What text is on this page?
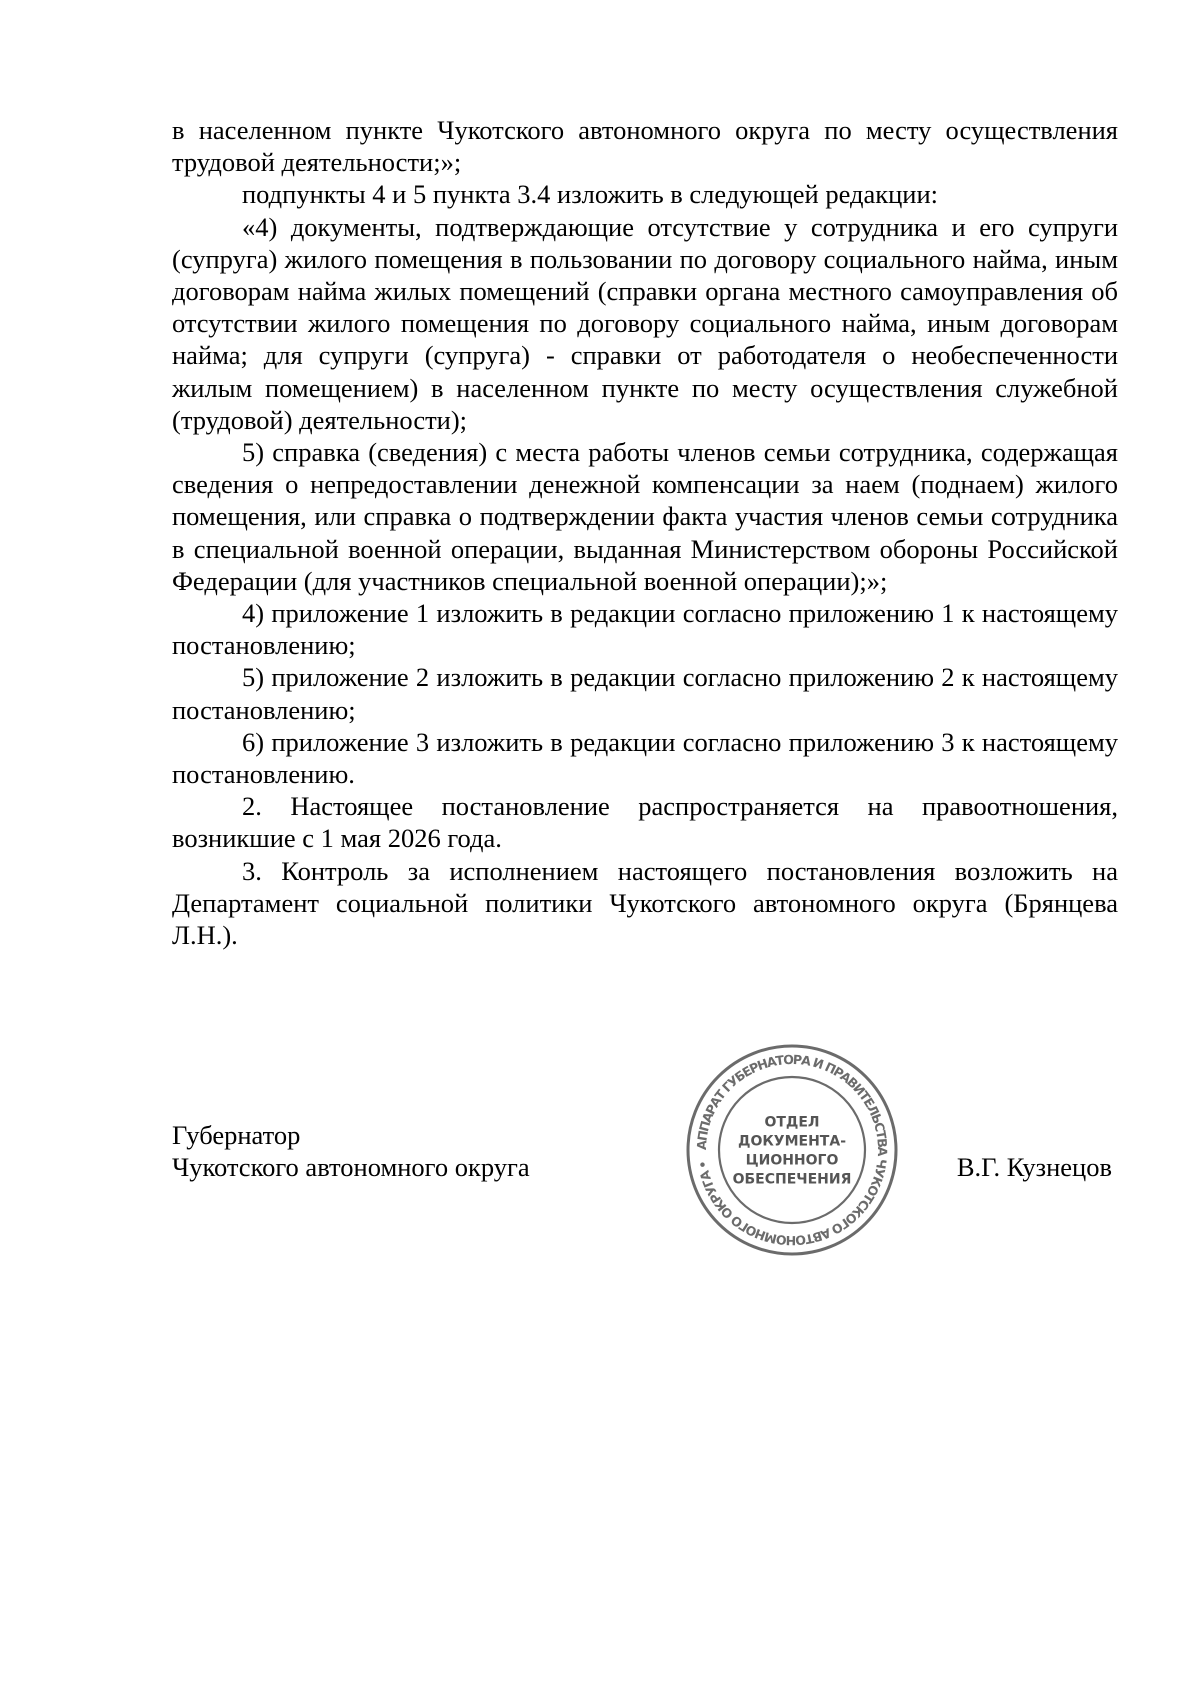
в населенном пункте Чукотского автономного округа по месту осуществления трудовой деятельности;»;

подпункты 4 и 5 пункта 3.4 изложить в следующей редакции:

«4) документы, подтверждающие отсутствие у сотрудника и его супруги (супруга) жилого помещения в пользовании по договору социального найма, иным договорам найма жилых помещений (справки органа местного самоуправления об отсутствии жилого помещения по договору социального найма, иным договорам найма; для супруги (супруга) - справки от работодателя о необеспеченности жилым помещением) в населенном пункте по месту осуществления служебной (трудовой) деятельности);

5) справка (сведения) с места работы членов семьи сотрудника, содержащая сведения о непредоставлении денежной компенсации за наем (поднаем) жилого помещения, или справка о подтверждении факта участия членов семьи сотрудника в специальной военной операции, выданная Министерством обороны Российской Федерации (для участников специальной военной операции);»;

4) приложение 1 изложить в редакции согласно приложению 1 к настоящему постановлению;

5) приложение 2 изложить в редакции согласно приложению 2 к настоящему постановлению;

6) приложение 3 изложить в редакции согласно приложению 3 к настоящему постановлению.

2. Настоящее постановление распространяется на правоотношения, возникшие с 1 мая 2026 года.

3. Контроль за исполнением настоящего постановления возложить на Департамент социальной политики Чукотского автономного округа (Брянцева Л.Н.).

Губернатор
Чукотского автономного округа	В.Г. Кузнецов
АППАРАТ ГУБЕРНАТОРА И ПРАВИТЕЛЬСТВА ЧУКОТСКОГО АВТОНОМНОГО ОКРУГА •
ОТДЕЛ
ДОКУМЕНТА-
ЦИОННОГО
ОБЕСПЕЧЕНИЯ
